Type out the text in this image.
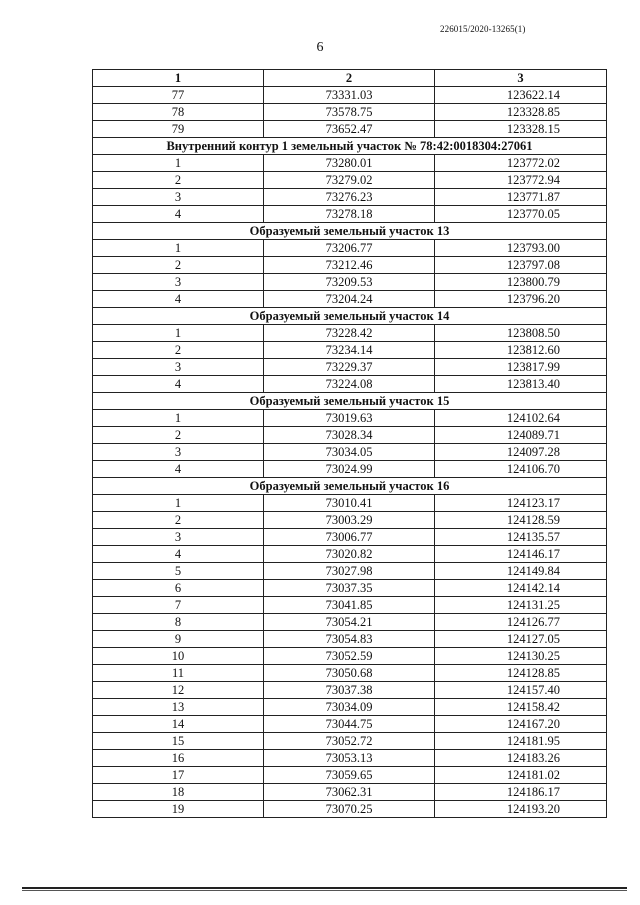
226015/2020-13265(1)
6
1	2	3
77	73331.03	123622.14
78	73578.75	123328.85
79	73652.47	123328.15
Внутренний контур 1 земельный участок № 78:42:0018304:27061		
1	73280.01	123772.02
2	73279.02	123772.94
3	73276.23	123771.87
4	73278.18	123770.05
Образуемый земельный участок 13		
1	73206.77	123793.00
2	73212.46	123797.08
3	73209.53	123800.79
4	73204.24	123796.20
Образуемый земельный участок 14		
1	73228.42	123808.50
2	73234.14	123812.60
3	73229.37	123817.99
4	73224.08	123813.40
Образуемый земельный участок 15		
1	73019.63	124102.64
2	73028.34	124089.71
3	73034.05	124097.28
4	73024.99	124106.70
Образуемый земельный участок 16		
1	73010.41	124123.17
2	73003.29	124128.59
3	73006.77	124135.57
4	73020.82	124146.17
5	73027.98	124149.84
6	73037.35	124142.14
7	73041.85	124131.25
8	73054.21	124126.77
9	73054.83	124127.05
10	73052.59	124130.25
11	73050.68	124128.85
12	73037.38	124157.40
13	73034.09	124158.42
14	73044.75	124167.20
15	73052.72	124181.95
16	73053.13	124183.26
17	73059.65	124181.02
18	73062.31	124186.17
19	73070.25	124193.20
